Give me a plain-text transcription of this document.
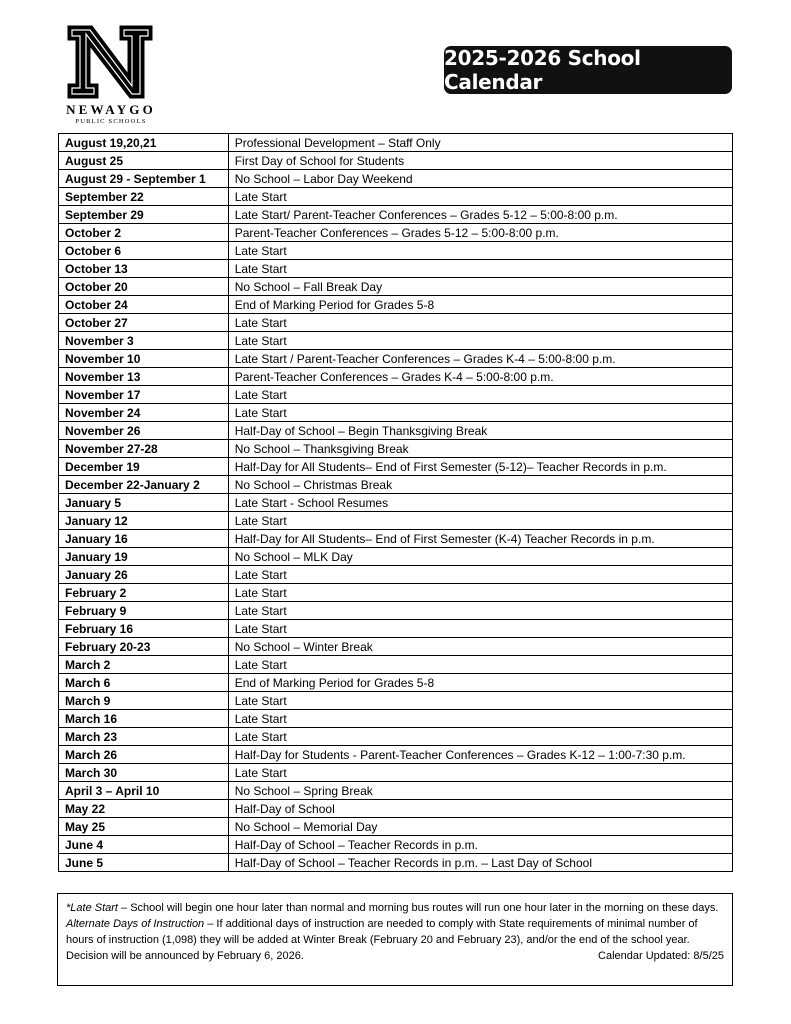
NEWAYGO
PUBLIC SCHOOLS
2025-2026 School Calendar
August 19,20,21	Professional Development – Staff Only
August 25	First Day of School for Students
August 29 - September 1	No School – Labor Day Weekend
September 22	Late Start
September 29	Late Start/ Parent-Teacher Conferences – Grades 5-12 – 5:00-8:00 p.m.
October 2	Parent-Teacher Conferences – Grades 5-12 – 5:00-8:00 p.m.
October 6	Late Start
October 13	Late Start
October 20	No School – Fall Break Day
October 24	End of Marking Period for Grades 5-8
October 27	Late Start
November 3	Late Start
November 10	Late Start / Parent-Teacher Conferences – Grades K-4 – 5:00-8:00 p.m.
November 13	Parent-Teacher Conferences – Grades K-4 – 5:00-8:00 p.m.
November 17	Late Start
November 24	Late Start
November 26	Half-Day of School – Begin Thanksgiving Break
November 27-28	No School – Thanksgiving Break
December 19	Half-Day for All Students– End of First Semester (5-12)– Teacher Records in p.m.
December 22-January 2	No School – Christmas Break
January 5	Late Start - School Resumes
January 12	Late Start
January 16	Half-Day for All Students– End of First Semester (K-4) Teacher Records in p.m.
January 19	No School – MLK Day
January 26	Late Start
February 2	Late Start
February 9	Late Start
February 16	Late Start
February 20-23	No School – Winter Break
March 2	Late Start
March 6	End of Marking Period for Grades 5-8
March 9	Late Start
March 16	Late Start
March 23	Late Start
March 26	Half-Day for Students - Parent-Teacher Conferences – Grades K-12 – 1:00-7:30 p.m.
March 30	Late Start
April 3 – April 10	No School – Spring Break
May 22	Half-Day of School
May 25	No School – Memorial Day
June 4	Half-Day of School – Teacher Records in p.m.
June 5	Half-Day of School – Teacher Records in p.m. – Last Day of School
*Late Start – School will begin one hour later than normal and morning bus routes will run one hour later in the morning on these days.
Alternate Days of Instruction – If additional days of instruction are needed to comply with State requirements of minimal number of hours of instruction (1,098) they will be added at Winter Break (February 20 and February 23), and/or the end of the school year. Decision will be announced by February 6, 2026.	Calendar Updated: 8/5/25
